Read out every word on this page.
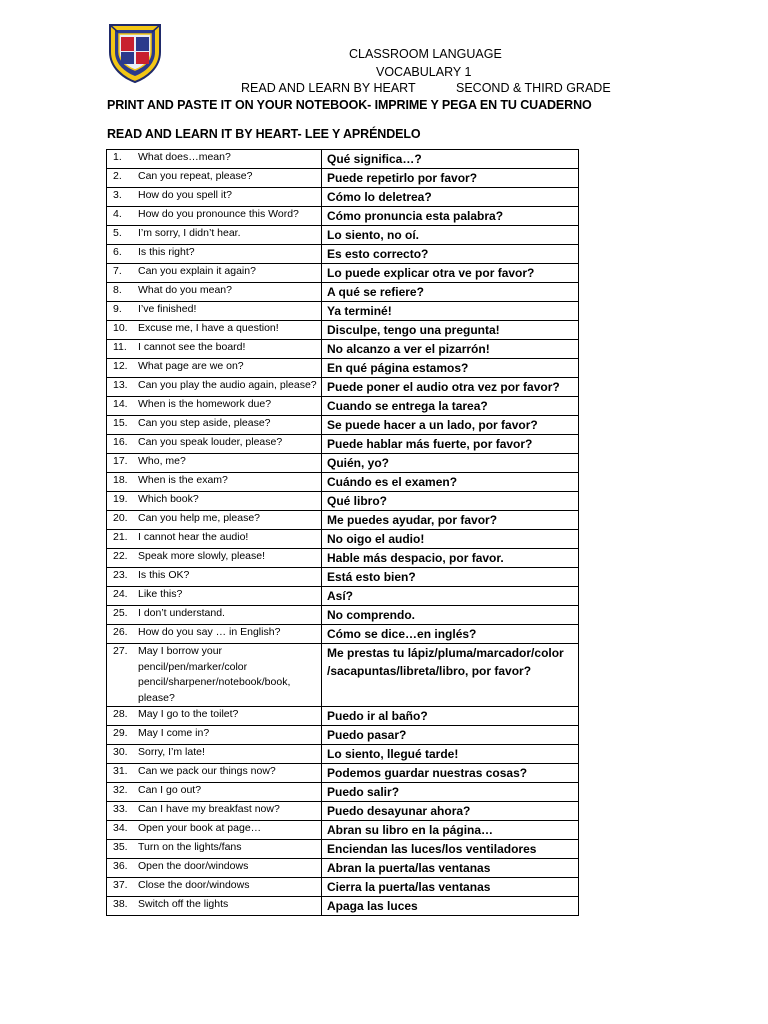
CLASSROOM LANGUAGE
VOCABULARY 1
READ AND LEARN BY HEART	SECOND & THIRD GRADE
PRINT AND PASTE IT ON YOUR NOTEBOOK- IMPRIME Y PEGA EN TU CUADERNO
READ AND LEARN IT BY HEART- LEE Y APRÉNDELO
1. What does…mean?	Qué significa…?

2. Can you repeat, please?	Puede repetirlo por favor?

3. How do you spell it?	Cómo lo deletrea?

4. How do you pronounce this Word?	Cómo pronuncia esta palabra?

5. I’m sorry, I didn’t hear.	Lo siento, no oí.

6. Is this right?	Es esto correcto?

7. Can you explain it again?	Lo puede explicar otra ve por favor?

8. What do you mean?	A qué se refiere?

9. I’ve finished!	Ya terminé!

10. Excuse me, I have a question!	Disculpe, tengo una pregunta!

11. I cannot see the board!	No alcanzo a ver el pizarrón!

12. What page are we on?	En qué página estamos?

13. Can you play the audio again, please?	Puede poner el audio otra vez por favor?

14. When is the homework due?	Cuando se entrega la tarea?

15. Can you step aside, please?	Se puede hacer a un lado, por favor?

16. Can you speak louder, please?	Puede hablar más fuerte, por favor?

17. Who, me?	Quién, yo?

18. When is the exam?	Cuándo es el examen?

19. Which book?	Qué libro?

20. Can you help me, please?	Me puedes ayudar, por favor?

21. I cannot hear the audio!	No oigo el audio!

22. Speak more slowly, please!	Hable más despacio, por favor.

23. Is this OK?	Está esto bien?

24. Like this?	Así?

25. I don’t understand.	No comprendo.

26. How do you say … in English?	Cómo se dice…en inglés?

27. May I borrow your pencil/pen/marker/color pencil/sharpener/notebook/book, please?	Me prestas tu lápiz/pluma/marcador/color /sacapuntas/libreta/libro, por favor?

28. May I go to the toilet?	Puedo ir al baño?

29. May I come in?	Puedo pasar?

30. Sorry, I’m late!	Lo siento, llegué tarde!

31. Can we pack our things now?	Podemos guardar nuestras cosas?

32. Can I go out?	Puedo salir?

33. Can I have my breakfast now?	Puedo desayunar ahora?

34. Open your book at page…	Abran su libro en la página…

35. Turn on the lights/fans	Enciendan las luces/los ventiladores

36. Open the door/windows	Abran la puerta/las ventanas

37. Close the door/windows	Cierra la puerta/las ventanas

38. Switch off the lights	Apaga las luces
